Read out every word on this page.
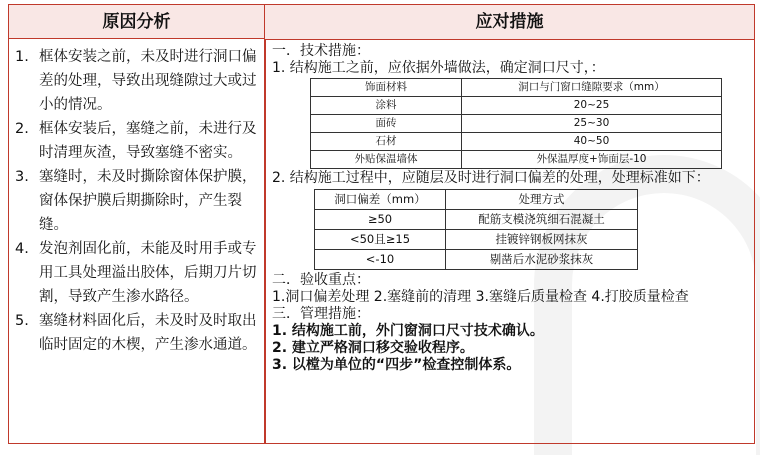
原因分析	应对措施
1. 框体安装之前，未及时进行洞口偏差的处理，导致出现缝隙过大或过小的情况。
2. 框体安装后，塞缝之前，未进行及时清理灰渣，导致塞缝不密实。
3. 塞缝时，未及时撕除窗体保护膜，窗体保护膜后期撕除时，产生裂缝。
4. 发泡剂固化前，未能及时用手或专用工具处理溢出胶体，后期刀片切割，导致产生渗水路径。
5. 塞缝材料固化后，未及时及时取出临时固定的木楔，产生渗水通道。
一．技术措施：
1. 结构施工之前，应依据外墙做法，确定洞口尺寸，：
饰面材料	洞口与门窗口缝隙要求（mm）
涂料	20~25
面砖	25~30
石材	40~50
外贴保温墙体	外保温厚度+饰面层-10
2. 结构施工过程中，应随层及时进行洞口偏差的处理，处理标准如下：
洞口偏差（mm）	处理方式
≥50	配筋支模浇筑细石混凝土
<50且≥15	挂镀锌钢板网抹灰
<-10	剔凿后水泥砂浆抹灰
二．验收重点：
1.洞口偏差处理 2.塞缝前的清理 3.塞缝后质量检查 4.打胶质量检查
三．管理措施：
1. 结构施工前，外门窗洞口尺寸技术确认。
2. 建立严格洞口移交验收程序。
3. 以樘为单位的“四步”检查控制体系。
